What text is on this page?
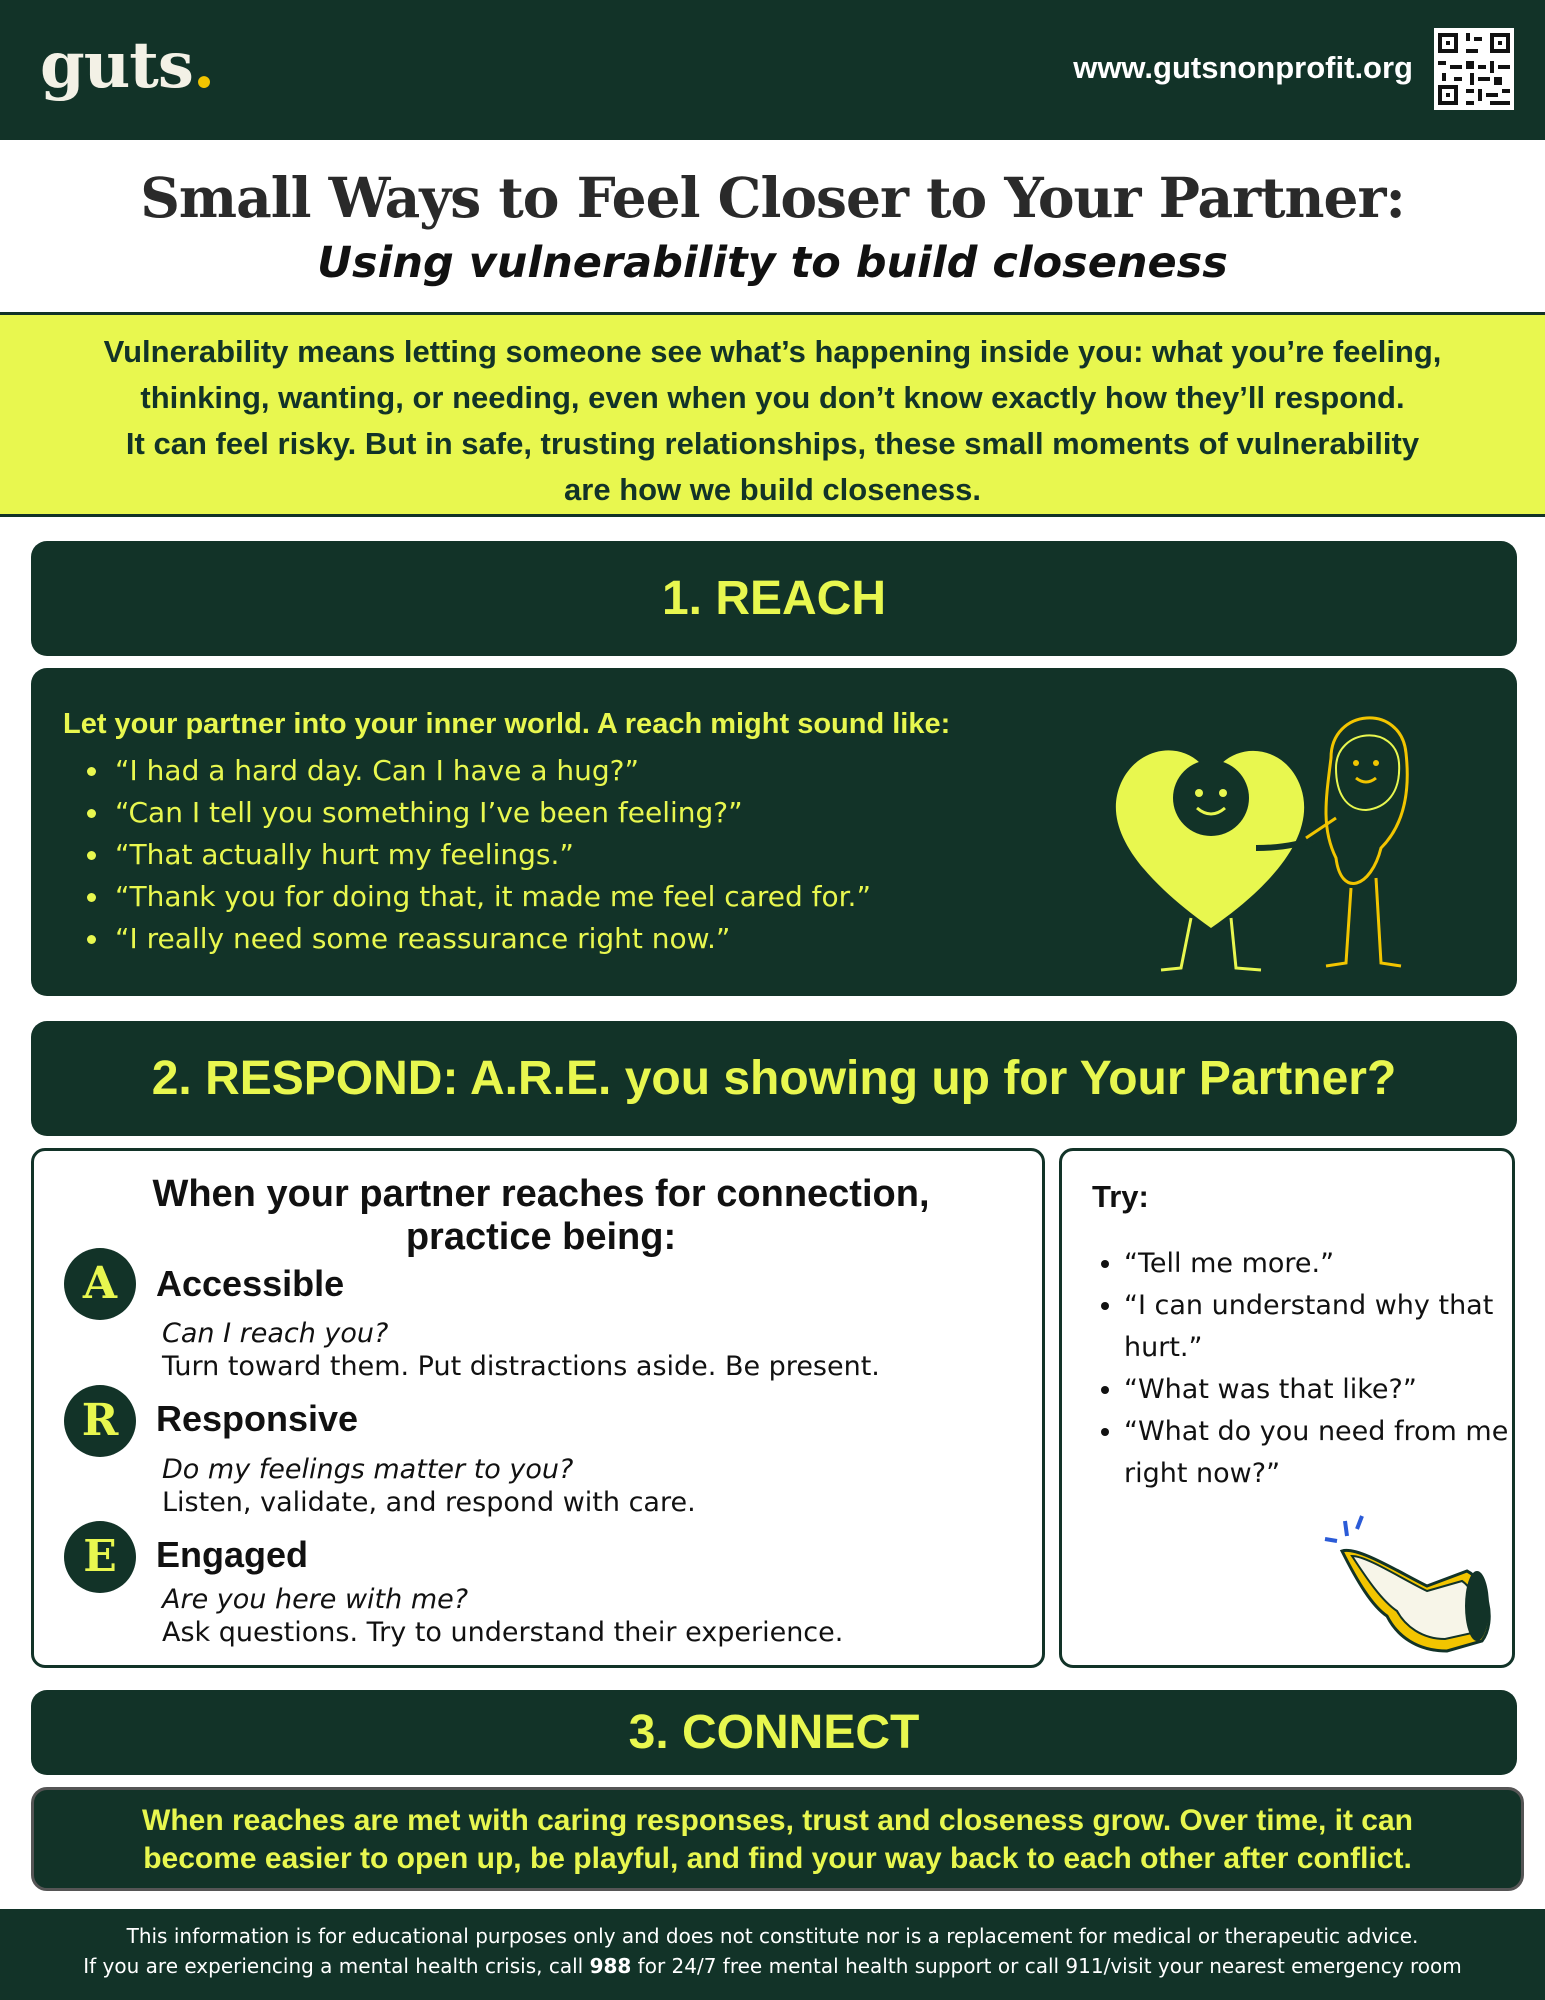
guts.	www.gutsnonprofit.org
Small Ways to Feel Closer to Your Partner:
Using vulnerability to build closeness
Vulnerability means letting someone see what’s happening inside you: what you’re feeling,
thinking, wanting, or needing, even when you don’t know exactly how they’ll respond.
It can feel risky. But in safe, trusting relationships, these small moments of vulnerability
are how we build closeness.
1. REACH
Let your partner into your inner world. A reach might sound like:
• “I had a hard day. Can I have a hug?”
• “Can I tell you something I’ve been feeling?”
• “That actually hurt my feelings.”
• “Thank you for doing that, it made me feel cared for.”
• “I really need some reassurance right now.”
2. RESPOND: A.R.E. you showing up for Your Partner?
When your partner reaches for connection,
practice being:
A	Accessible
Can I reach you?
Turn toward them. Put distractions aside. Be present.
R	Responsive
Do my feelings matter to you?
Listen, validate, and respond with care.
E	Engaged
Are you here with me?
Ask questions. Try to understand their experience.
Try:
• “Tell me more.”
• “I can understand why that hurt.”
• “What was that like?”
• “What do you need from me right now?”
3. CONNECT
When reaches are met with caring responses, trust and closeness grow. Over time, it can
become easier to open up, be playful, and find your way back to each other after conflict.
This information is for educational purposes only and does not constitute nor is a replacement for medical or therapeutic advice.
If you are experiencing a mental health crisis, call 988 for 24/7 free mental health support or call 911/visit your nearest emergency room
